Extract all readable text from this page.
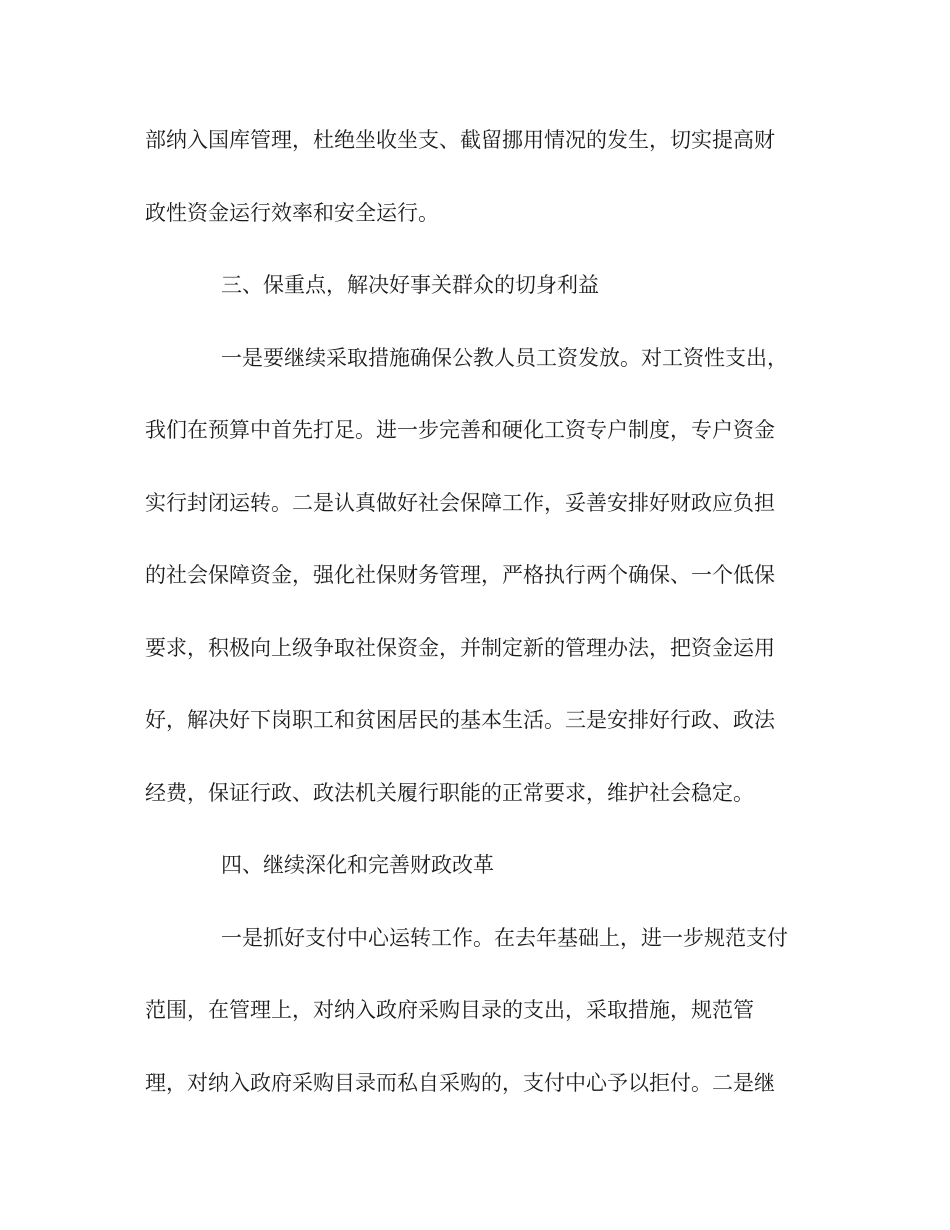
部纳入国库管理，杜绝坐收坐支、截留挪用情况的发生，切实提高财
政性资金运行效率和安全运行。
三、保重点，解决好事关群众的切身利益
一是要继续采取措施确保公教人员工资发放。对工资性支出，
我们在预算中首先打足。进一步完善和硬化工资专户制度，专户资金
实行封闭运转。二是认真做好社会保障工作，妥善安排好财政应负担
的社会保障资金，强化社保财务管理，严格执行两个确保、一个低保
要求，积极向上级争取社保资金，并制定新的管理办法，把资金运用
好，解决好下岗职工和贫困居民的基本生活。三是安排好行政、政法
经费，保证行政、政法机关履行职能的正常要求，维护社会稳定。
四、继续深化和完善财政改革
一是抓好支付中心运转工作。在去年基础上，进一步规范支付
范围，在管理上，对纳入政府采购目录的支出，采取措施，规范管
理，对纳入政府采购目录而私自采购的，支付中心予以拒付。二是继
